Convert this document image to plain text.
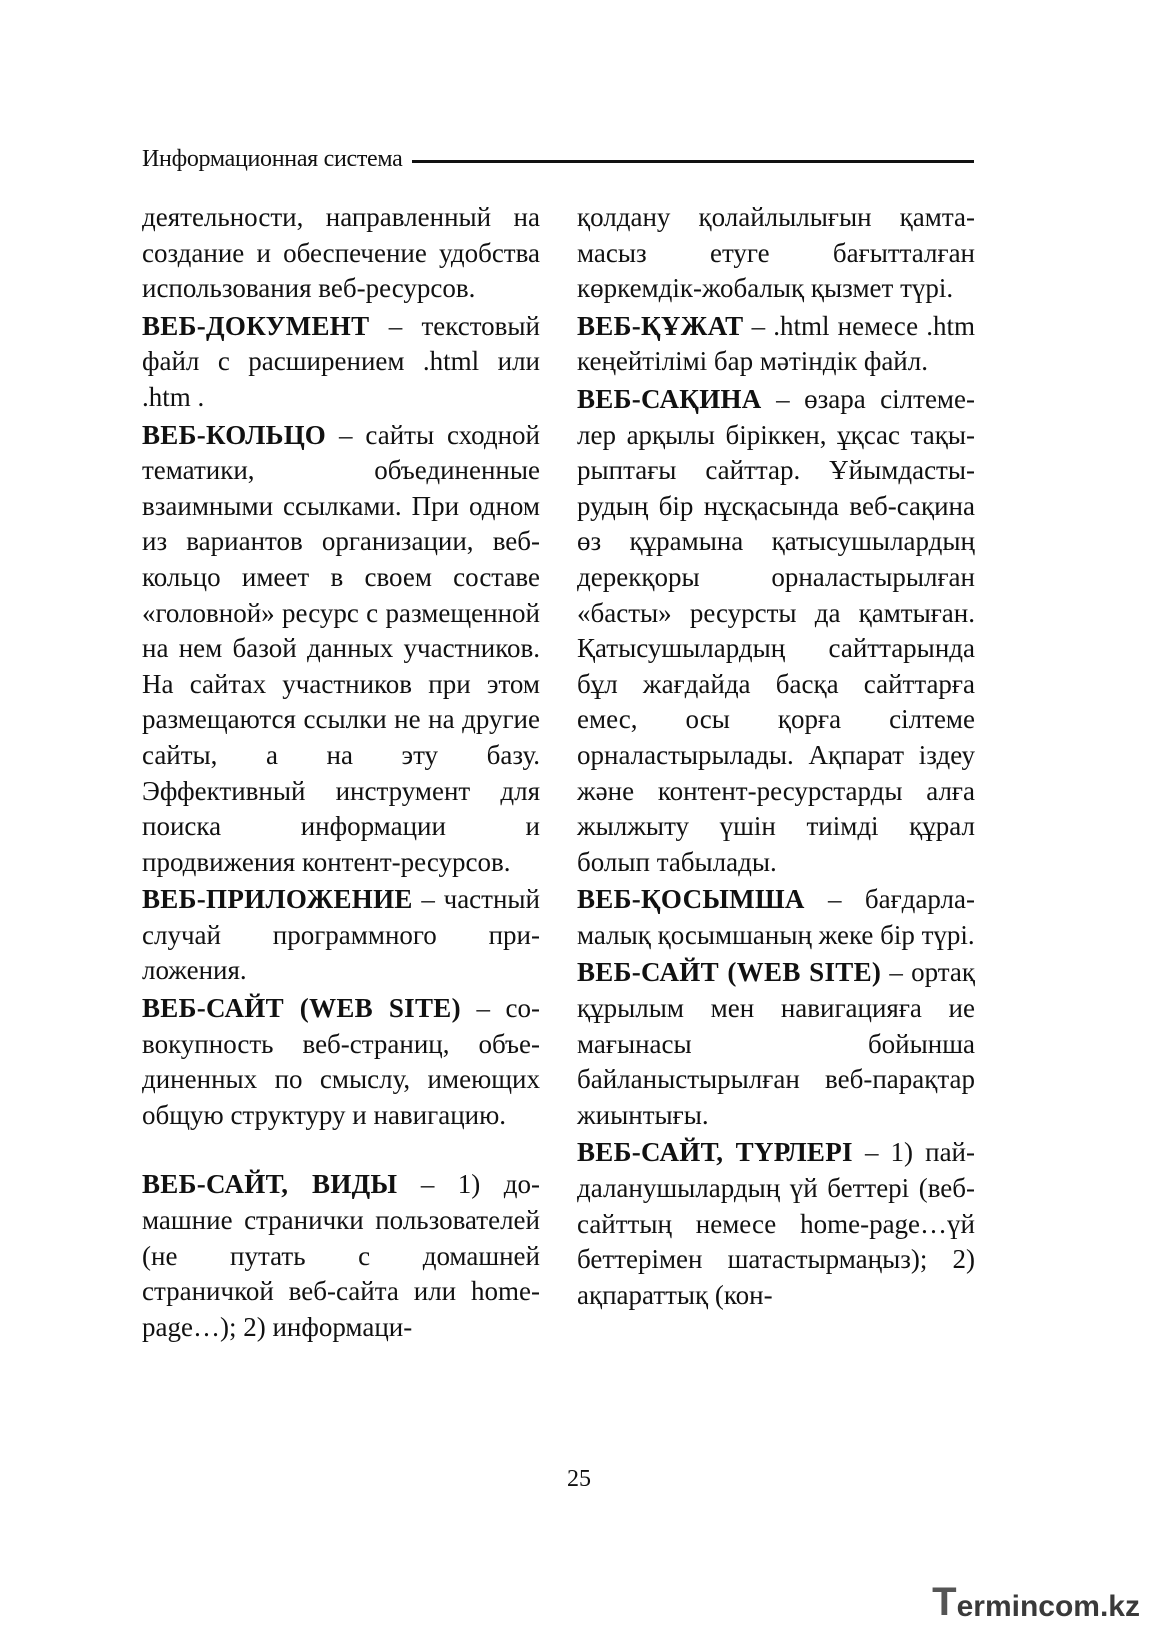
Информационная система

деятельности, направленный на создание и обеспечение удобства использования веб-ресурсов.

ВЕБ-ДОКУМЕНТ – текстовый файл с расширением .html или .htm .

ВЕБ-КОЛЬЦО – сайты сходной тематики, объединенные взаимными ссылками. При одном из вариантов организации, веб-кольцо имеет в своем составе «головной» ресурс с размещенной на нем базой данных участников. На сайтах участников при этом размещаются ссылки не на другие сайты, а на эту базу. Эффективный инструмент для поиска информации и продвижения контент-ресурсов.

ВЕБ-ПРИЛОЖЕНИЕ – частный случай программного приложения.

ВЕБ-САЙТ (WEB SITE) – совокупность веб-страниц, объединенных по смыслу, имеющих общую структуру и навигацию.

ВЕБ-САЙТ, ВИДЫ – 1) домашние странички пользователей (не путать с домашней страничкой веб-сайта или home-page…); 2) информаци-

қолдану қолайлылығын қамтамасыз етуге бағытталған көркемдік-жобалық қызмет түрі.

ВЕБ-ҚҰЖАТ – .html немесе .htm кеңейтілімі бар мәтіндік файл.

ВЕБ-САҚИНА – өзара сілтемелер арқылы біріккен, ұқсас тақырыптағы сайттар. Ұйымдастырудың бір нұсқасында веб-сақина өз құрамына қатысушылардың дерекқоры орналастырылған «басты» ресурсты да қамтыған. Қатысушылардың сайттарында бұл жағдайда басқа сайттарға емес, осы қорға сілтеме орналастырылады. Ақпарат іздеу және контент-ресурстарды алға жылжыту үшін тиімді құрал болып табылады.

ВЕБ-ҚОСЫМША – бағдарламалық қосымшаның жеке бір түрі.

ВЕБ-САЙТ (WEB SITE) – ортақ құрылым мен навигацияға ие мағынасы бойынша байланыстырылған веб-парақтар жиынтығы.

ВЕБ-САЙТ, ТҮРЛЕРІ – 1) пайдаланушылардың үй беттері (веб-сайттың немесе home-page…үй беттерімен шатастырмаңыз); 2) ақпараттық (кон-

25
T ermincom.kz
